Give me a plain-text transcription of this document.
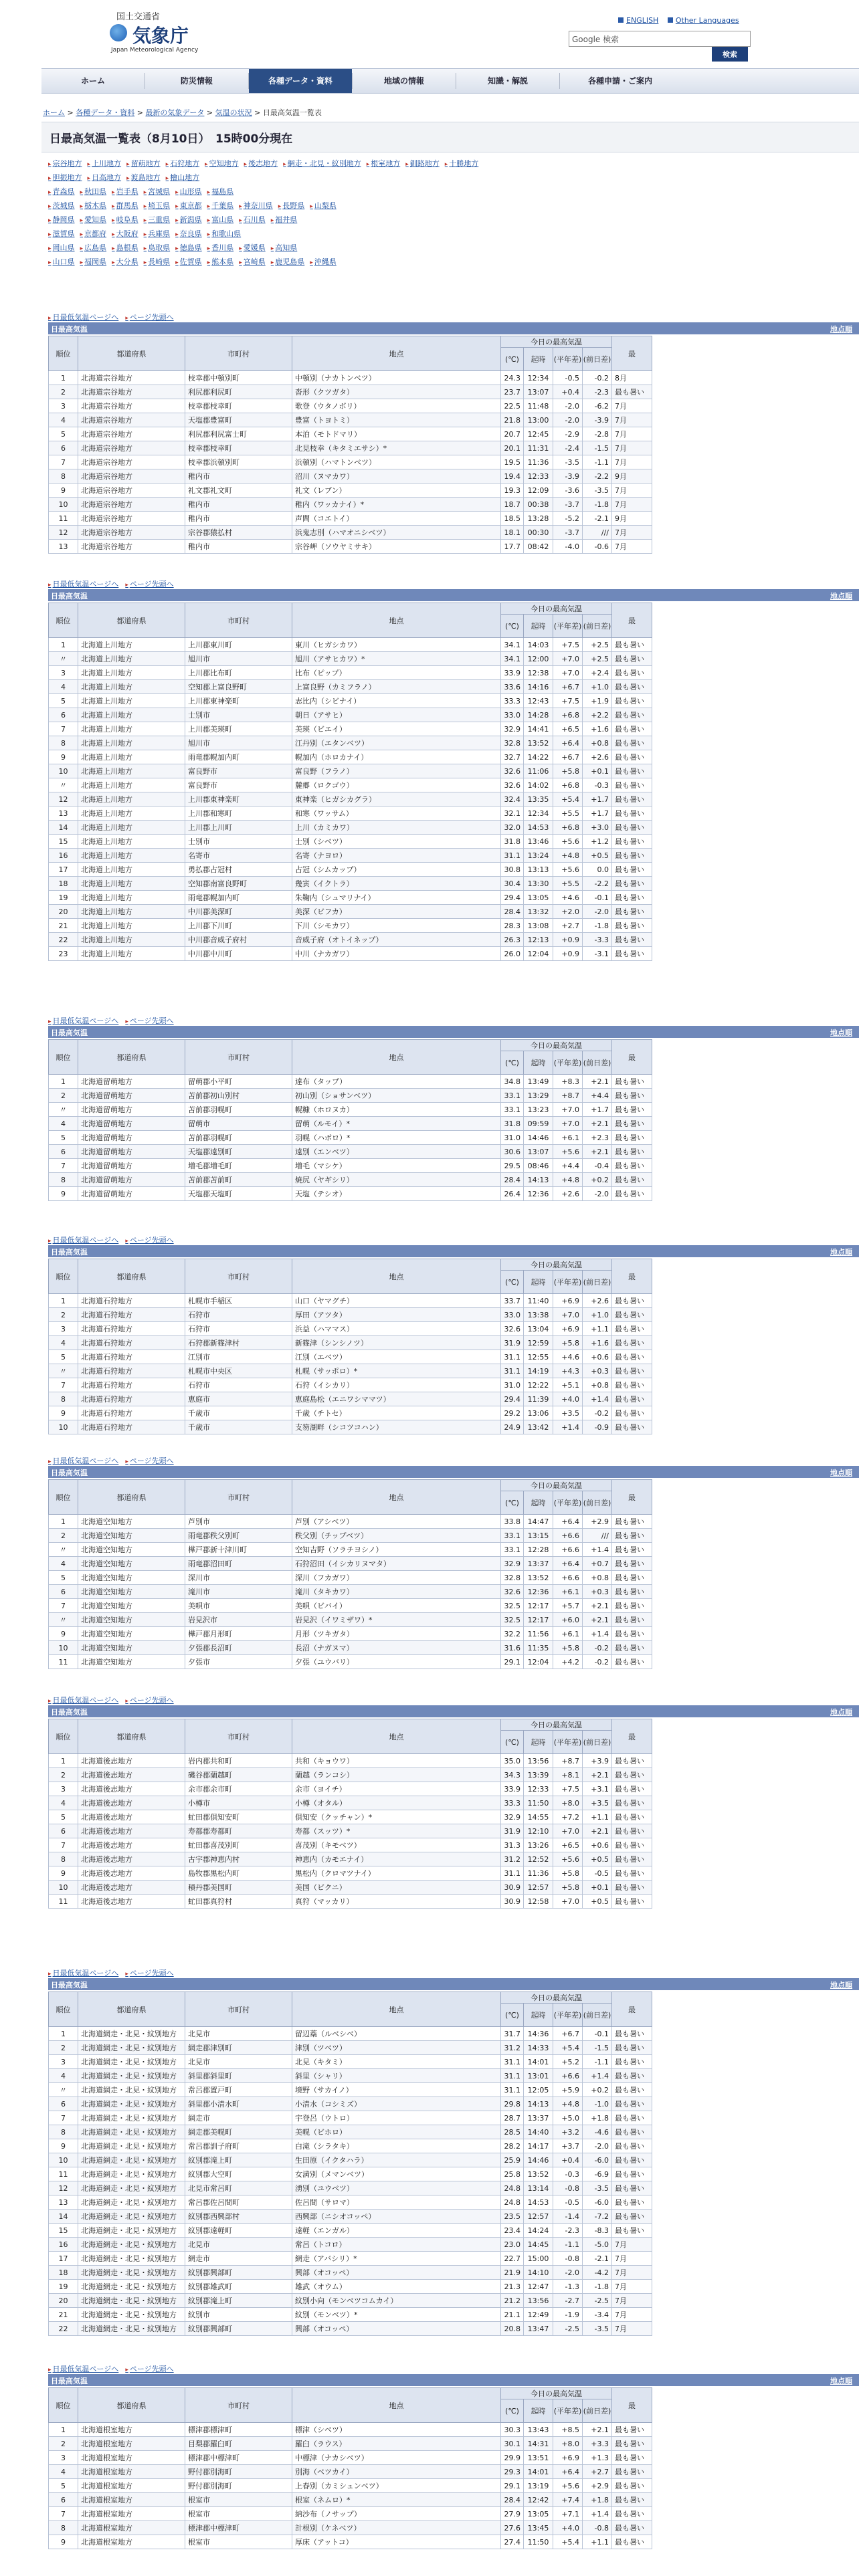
国土交通省
気象庁
Japan Meteorological Agency
ENGLISH Other Languages
Google 検索
検索
ホーム	防災情報	各種データ・資料	地域の情報	知識・解説	各種申請・ご案内
ホーム > 各種データ・資料 > 最新の気象データ > 気温の状況 > 日最高気温一覧表
日最高気温一覧表（8月10日）　15時00分現在
▸ 宗谷地方 ▸ 上川地方 ▸ 留萌地方 ▸ 石狩地方 ▸ 空知地方 ▸ 後志地方 ▸ 網走・北見・紋別地方 ▸ 根室地方 ▸ 釧路地方 ▸ 十勝地方
▸ 胆振地方 ▸ 日高地方 ▸ 渡島地方 ▸ 檜山地方
▸ 青森県 ▸ 秋田県 ▸ 岩手県 ▸ 宮城県 ▸ 山形県 ▸ 福島県
▸ 茨城県 ▸ 栃木県 ▸ 群馬県 ▸ 埼玉県 ▸ 東京都 ▸ 千葉県 ▸ 神奈川県 ▸ 長野県 ▸ 山梨県
▸ 静岡県 ▸ 愛知県 ▸ 岐阜県 ▸ 三重県 ▸ 新潟県 ▸ 富山県 ▸ 石川県 ▸ 福井県
▸ 滋賀県 ▸ 京都府 ▸ 大阪府 ▸ 兵庫県 ▸ 奈良県 ▸ 和歌山県
▸ 岡山県 ▸ 広島県 ▸ 島根県 ▸ 鳥取県 ▸ 徳島県 ▸ 香川県 ▸ 愛媛県 ▸ 高知県
▸ 山口県 ▸ 福岡県 ▸ 大分県 ▸ 長崎県 ▸ 佐賀県 ▸ 熊本県 ▸ 宮崎県 ▸ 鹿児島県 ▸ 沖縄県
▸ 日最低気温ページへ ▸ ページ先頭へ
日最高気温	地点順
順位	都道府県	市町村	地点	今日の最高気温				最
				(℃)	起時	(平年差)	(前日差)	
1	北海道宗谷地方	枝幸郡中頓別町	中頓別（ナカトンベツ）	24.3	12:34	-0.5	-0.2	8月
2	北海道宗谷地方	利尻郡利尻町	沓形（クツガタ）	23.7	13:07	+0.4	-2.3	最も暑い
3	北海道宗谷地方	枝幸郡枝幸町	歌登（ウタノボリ）	22.5	11:48	-2.0	-6.2	7月
4	北海道宗谷地方	天塩郡豊富町	豊富（トヨトミ）	21.8	13:00	-2.0	-3.9	7月
5	北海道宗谷地方	利尻郡利尻富士町	本泊（モトドマリ）	20.7	12:45	-2.9	-2.8	7月
6	北海道宗谷地方	枝幸郡枝幸町	北見枝幸（キタミエサシ）*	20.1	11:31	-2.4	-1.5	7月
7	北海道宗谷地方	枝幸郡浜頓別町	浜頓別（ハマトンベツ）	19.5	11:36	-3.5	-1.1	7月
8	北海道宗谷地方	稚内市	沼川（ヌマカワ）	19.4	12:33	-3.9	-2.2	9月
9	北海道宗谷地方	礼文郡礼文町	礼文（レブン）	19.3	12:09	-3.6	-3.5	7月
10	北海道宗谷地方	稚内市	稚内（ワッカナイ）*	18.7	00:38	-3.7	-1.8	7月
11	北海道宗谷地方	稚内市	声問（コエトイ）	18.5	13:28	-5.2	-2.1	9月
12	北海道宗谷地方	宗谷郡猿払村	浜鬼志別（ハマオニシベツ）	18.1	00:30	-3.7	///	7月
13	北海道宗谷地方	稚内市	宗谷岬（ソウヤミサキ）	17.7	08:42	-4.0	-0.6	7月
▸ 日最低気温ページへ ▸ ページ先頭へ
日最高気温	地点順
順位	都道府県	市町村	地点	今日の最高気温				最
				(℃)	起時	(平年差)	(前日差)	
1	北海道上川地方	上川郡東川町	東川（ヒガシカワ）	34.1	14:03	+7.5	+2.5	最も暑い
〃	北海道上川地方	旭川市	旭川（アサヒカワ）*	34.1	12:00	+7.0	+2.5	最も暑い
3	北海道上川地方	上川郡比布町	比布（ピップ）	33.9	12:38	+7.0	+2.4	最も暑い
4	北海道上川地方	空知郡上富良野町	上富良野（カミフラノ）	33.6	14:16	+6.7	+1.0	最も暑い
5	北海道上川地方	上川郡東神楽町	志比内（シビナイ）	33.3	12:43	+7.5	+1.9	最も暑い
6	北海道上川地方	士別市	朝日（アサヒ）	33.0	14:28	+6.8	+2.2	最も暑い
7	北海道上川地方	上川郡美瑛町	美瑛（ビエイ）	32.9	14:41	+6.5	+1.6	最も暑い
8	北海道上川地方	旭川市	江丹別（エタンベツ）	32.8	13:52	+6.4	+0.8	最も暑い
9	北海道上川地方	雨竜郡幌加内町	幌加内（ホロカナイ）	32.7	14:22	+6.7	+2.6	最も暑い
10	北海道上川地方	富良野市	富良野（フラノ）	32.6	11:06	+5.8	+0.1	最も暑い
〃	北海道上川地方	富良野市	麓郷（ロクゴウ）	32.6	14:02	+6.8	-0.3	最も暑い
12	北海道上川地方	上川郡東神楽町	東神楽（ヒガシカグラ）	32.4	13:35	+5.4	+1.7	最も暑い
13	北海道上川地方	上川郡和寒町	和寒（ワッサム）	32.1	12:34	+5.5	+1.7	最も暑い
14	北海道上川地方	上川郡上川町	上川（カミカワ）	32.0	14:53	+6.8	+3.0	最も暑い
15	北海道上川地方	士別市	士別（シベツ）	31.8	13:46	+5.6	+1.2	最も暑い
16	北海道上川地方	名寄市	名寄（ナヨロ）	31.1	13:24	+4.8	+0.5	最も暑い
17	北海道上川地方	勇払郡占冠村	占冠（シムカップ）	30.8	13:13	+5.6	0.0	最も暑い
18	北海道上川地方	空知郡南富良野町	幾寅（イクトラ）	30.4	13:30	+5.5	-2.2	最も暑い
19	北海道上川地方	雨竜郡幌加内町	朱鞠内（シュマリナイ）	29.4	13:05	+4.6	-0.1	最も暑い
20	北海道上川地方	中川郡美深町	美深（ビフカ）	28.4	13:32	+2.0	-2.0	最も暑い
21	北海道上川地方	上川郡下川町	下川（シモカワ）	28.3	13:08	+2.7	-1.8	最も暑い
22	北海道上川地方	中川郡音威子府村	音威子府（オトイネップ）	26.3	12:13	+0.9	-3.3	最も暑い
23	北海道上川地方	中川郡中川町	中川（ナカガワ）	26.0	12:04	+0.9	-3.1	最も暑い
▸ 日最低気温ページへ ▸ ページ先頭へ
日最高気温	地点順
順位	都道府県	市町村	地点	今日の最高気温				最
				(℃)	起時	(平年差)	(前日差)	
1	北海道留萌地方	留萌郡小平町	達布（タップ）	34.8	13:49	+8.3	+2.1	最も暑い
2	北海道留萌地方	苫前郡初山別村	初山別（ショサンベツ）	33.1	13:29	+8.7	+4.4	最も暑い
〃	北海道留萌地方	苫前郡羽幌町	幌糠（ホロヌカ）	33.1	13:23	+7.0	+1.7	最も暑い
4	北海道留萌地方	留萌市	留萌（ルモイ）*	31.8	09:59	+7.0	+2.1	最も暑い
5	北海道留萌地方	苫前郡羽幌町	羽幌（ハボロ）*	31.0	14:46	+6.1	+2.3	最も暑い
6	北海道留萌地方	天塩郡遠別町	遠別（エンベツ）	30.6	13:07	+5.6	+2.1	最も暑い
7	北海道留萌地方	増毛郡増毛町	増毛（マシケ）	29.5	08:46	+4.4	-0.4	最も暑い
8	北海道留萌地方	苫前郡苫前町	焼尻（ヤギシリ）	28.4	14:13	+4.8	+0.2	最も暑い
9	北海道留萌地方	天塩郡天塩町	天塩（テシオ）	26.4	12:36	+2.6	-2.0	最も暑い
▸ 日最低気温ページへ ▸ ページ先頭へ
日最高気温	地点順
順位	都道府県	市町村	地点	今日の最高気温				最
				(℃)	起時	(平年差)	(前日差)	
1	北海道石狩地方	札幌市手稲区	山口（ヤマグチ）	33.7	11:40	+6.9	+2.6	最も暑い
2	北海道石狩地方	石狩市	厚田（アツタ）	33.0	13:38	+7.0	+1.0	最も暑い
3	北海道石狩地方	石狩市	浜益（ハママス）	32.6	13:04	+6.9	+1.1	最も暑い
4	北海道石狩地方	石狩郡新篠津村	新篠津（シンシノツ）	31.9	12:59	+5.8	+1.6	最も暑い
5	北海道石狩地方	江別市	江別（エベツ）	31.1	12:55	+4.6	+0.6	最も暑い
〃	北海道石狩地方	札幌市中央区	札幌（サッポロ）*	31.1	14:19	+4.3	+0.3	最も暑い
7	北海道石狩地方	石狩市	石狩（イシカリ）	31.0	12:22	+5.1	+0.8	最も暑い
8	北海道石狩地方	恵庭市	恵庭島松（エニワシママツ）	29.4	11:39	+4.0	+1.4	最も暑い
9	北海道石狩地方	千歳市	千歳（チトセ）	29.2	13:06	+3.5	-0.2	最も暑い
10	北海道石狩地方	千歳市	支笏湖畔（シコツコハン）	24.9	13:42	+1.4	-0.9	最も暑い
▸ 日最低気温ページへ ▸ ページ先頭へ
日最高気温	地点順
順位	都道府県	市町村	地点	今日の最高気温				最
				(℃)	起時	(平年差)	(前日差)	
1	北海道空知地方	芦別市	芦別（アシベツ）	33.8	14:47	+6.4	+2.9	最も暑い
2	北海道空知地方	雨竜郡秩父別町	秩父別（チップベツ）	33.1	13:15	+6.6	///	最も暑い
〃	北海道空知地方	樺戸郡新十津川町	空知吉野（ソラチヨシノ）	33.1	12:28	+6.6	+1.4	最も暑い
4	北海道空知地方	雨竜郡沼田町	石狩沼田（イシカリヌマタ）	32.9	13:37	+6.4	+0.7	最も暑い
5	北海道空知地方	深川市	深川（フカガワ）	32.8	13:52	+6.6	+0.8	最も暑い
6	北海道空知地方	滝川市	滝川（タキカワ）	32.6	12:36	+6.1	+0.3	最も暑い
7	北海道空知地方	美唄市	美唄（ビバイ）	32.5	12:17	+5.7	+2.1	最も暑い
〃	北海道空知地方	岩見沢市	岩見沢（イワミザワ）*	32.5	12:17	+6.0	+2.1	最も暑い
9	北海道空知地方	樺戸郡月形町	月形（ツキガタ）	32.2	11:56	+6.1	+1.4	最も暑い
10	北海道空知地方	夕張郡長沼町	長沼（ナガヌマ）	31.6	11:35	+5.8	-0.2	最も暑い
11	北海道空知地方	夕張市	夕張（ユウバリ）	29.1	12:04	+4.2	-0.2	最も暑い
▸ 日最低気温ページへ ▸ ページ先頭へ
日最高気温	地点順
順位	都道府県	市町村	地点	今日の最高気温				最
				(℃)	起時	(平年差)	(前日差)	
1	北海道後志地方	岩内郡共和町	共和（キョウワ）	35.0	13:56	+8.7	+3.9	最も暑い
2	北海道後志地方	磯谷郡蘭越町	蘭越（ランコシ）	34.3	13:39	+8.1	+2.1	最も暑い
3	北海道後志地方	余市郡余市町	余市（ヨイチ）	33.9	12:33	+7.5	+3.1	最も暑い
4	北海道後志地方	小樽市	小樽（オタル）	33.3	11:50	+8.0	+3.5	最も暑い
5	北海道後志地方	虻田郡倶知安町	倶知安（クッチャン）*	32.9	14:55	+7.2	+1.1	最も暑い
6	北海道後志地方	寿都郡寿都町	寿都（スッツ）*	31.9	12:10	+7.0	+2.1	最も暑い
7	北海道後志地方	虻田郡喜茂別町	喜茂別（キモベツ）	31.3	13:26	+6.5	+0.6	最も暑い
8	北海道後志地方	古宇郡神恵内村	神恵内（カモエナイ）	31.2	12:52	+5.6	+0.5	最も暑い
9	北海道後志地方	島牧郡黒松内町	黒松内（クロマツナイ）	31.1	11:36	+5.8	-0.5	最も暑い
10	北海道後志地方	積丹郡美国町	美国（ビクニ）	30.9	12:57	+5.8	+0.1	最も暑い
11	北海道後志地方	虻田郡真狩村	真狩（マッカリ）	30.9	12:58	+7.0	+0.5	最も暑い
▸ 日最低気温ページへ ▸ ページ先頭へ
日最高気温	地点順
順位	都道府県	市町村	地点	今日の最高気温				最
				(℃)	起時	(平年差)	(前日差)	
1	北海道網走・北見・紋別地方	北見市	留辺蘂（ルベシベ）	31.7	14:36	+6.7	-0.1	最も暑い
2	北海道網走・北見・紋別地方	網走郡津別町	津別（ツベツ）	31.2	14:33	+5.4	-1.5	最も暑い
3	北海道網走・北見・紋別地方	北見市	北見（キタミ）	31.1	14:01	+5.2	-1.1	最も暑い
4	北海道網走・北見・紋別地方	斜里郡斜里町	斜里（シャリ）	31.1	13:01	+6.6	+1.4	最も暑い
〃	北海道網走・北見・紋別地方	常呂郡置戸町	境野（サカイノ）	31.1	12:05	+5.9	+0.2	最も暑い
6	北海道網走・北見・紋別地方	斜里郡小清水町	小清水（コシミズ）	29.8	14:13	+4.8	-1.0	最も暑い
7	北海道網走・北見・紋別地方	網走市	宇登呂（ウトロ）	28.7	13:37	+5.0	+1.8	最も暑い
8	北海道網走・北見・紋別地方	網走郡美幌町	美幌（ビホロ）	28.5	14:40	+3.2	-4.6	最も暑い
9	北海道網走・北見・紋別地方	常呂郡訓子府町	白滝（シラタキ）	28.2	14:17	+3.7	-2.0	最も暑い
10	北海道網走・北見・紋別地方	紋別郡滝上町	生田原（イクタハラ）	25.9	14:46	+0.4	-6.0	最も暑い
11	北海道網走・北見・紋別地方	紋別郡大空町	女満別（メマンベツ）	25.8	13:52	-0.3	-6.9	最も暑い
12	北海道網走・北見・紋別地方	北見市常呂町	湧別（ユウベツ）	24.8	13:14	-0.8	-3.5	最も暑い
13	北海道網走・北見・紋別地方	常呂郡佐呂間町	佐呂間（サロマ）	24.8	14:53	-0.5	-6.0	最も暑い
14	北海道網走・北見・紋別地方	紋別郡西興部村	西興部（ニシオコッペ）	23.5	12:57	-1.4	-7.2	最も暑い
15	北海道網走・北見・紋別地方	紋別郡遠軽町	遠軽（エンガル）	23.4	14:24	-2.3	-8.3	最も暑い
16	北海道網走・北見・紋別地方	北見市	常呂（トコロ）	23.0	14:45	-1.1	-5.0	7月
17	北海道網走・北見・紋別地方	網走市	網走（アバシリ）*	22.7	15:00	-0.8	-2.1	7月
18	北海道網走・北見・紋別地方	紋別郡興部町	興部（オコッペ）	21.9	14:10	-2.0	-4.2	7月
19	北海道網走・北見・紋別地方	紋別郡雄武町	雄武（オウム）	21.3	12:47	-1.3	-1.8	7月
20	北海道網走・北見・紋別地方	紋別郡滝上町	紋別小向（モンベツコムカイ）	21.2	13:56	-2.7	-2.5	7月
21	北海道網走・北見・紋別地方	紋別市	紋別（モンベツ）*	21.1	12:49	-1.9	-3.4	7月
22	北海道網走・北見・紋別地方	紋別郡興部町	興部（オコッペ）	20.8	13:47	-2.5	-3.5	7月
▸ 日最低気温ページへ ▸ ページ先頭へ
日最高気温	地点順
順位	都道府県	市町村	地点	今日の最高気温				最
				(℃)	起時	(平年差)	(前日差)	
1	北海道根室地方	標津郡標津町	標津（シベツ）	30.3	13:43	+8.5	+2.1	最も暑い
2	北海道根室地方	目梨郡羅臼町	羅臼（ラウス）	30.1	14:31	+8.0	+3.3	最も暑い
3	北海道根室地方	標津郡中標津町	中標津（ナカシベツ）	29.9	13:51	+6.9	+1.3	最も暑い
4	北海道根室地方	野付郡別海町	別海（ベツカイ）	29.3	14:01	+6.4	+2.7	最も暑い
5	北海道根室地方	野付郡別海町	上春別（カミシュンベツ）	29.1	13:19	+5.6	+2.9	最も暑い
6	北海道根室地方	根室市	根室（ネムロ）*	28.4	12:42	+7.4	+1.8	最も暑い
7	北海道根室地方	根室市	納沙布（ノサップ）	27.9	13:05	+7.1	+1.4	最も暑い
8	北海道根室地方	標津郡中標津町	計根別（ケネベツ）	27.6	13:45	+4.0	-0.8	最も暑い
9	北海道根室地方	根室市	厚床（アットコ）	27.4	11:50	+5.4	+1.1	最も暑い
